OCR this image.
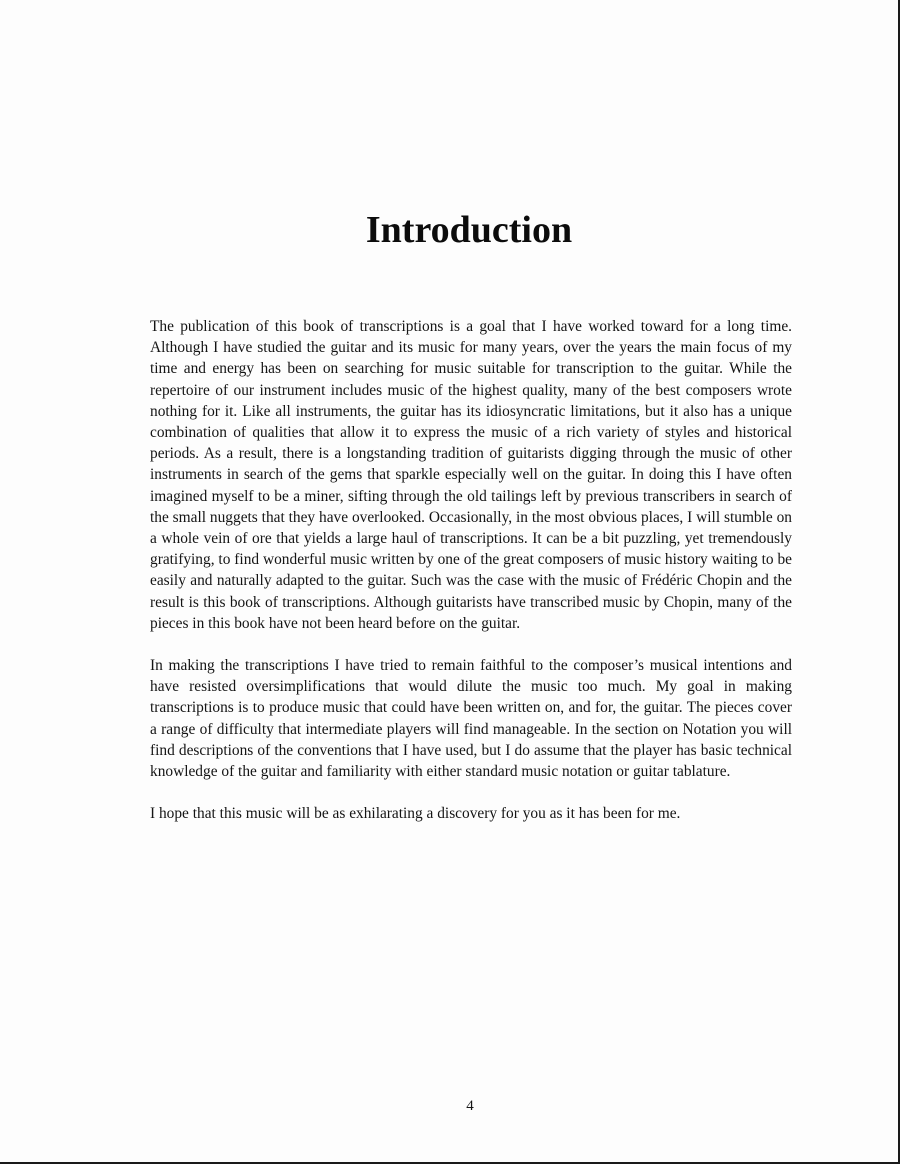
Introduction

The publication of this book of transcriptions is a goal that I have worked toward for a long time. Although I have studied the guitar and its music for many years, over the years the main focus of my time and energy has been on searching for music suitable for transcription to the guitar. While the repertoire of our instrument includes music of the highest quality, many of the best composers wrote nothing for it. Like all instruments, the guitar has its idiosyncratic limitations, but it also has a unique combination of qualities that allow it to express the music of a rich variety of styles and historical periods. As a result, there is a longstanding tradition of guitarists digging through the music of other instruments in search of the gems that sparkle especially well on the guitar. In doing this I have often imagined myself to be a miner, sifting through the old tailings left by previous transcribers in search of the small nuggets that they have overlooked. Occasionally, in the most obvious places, I will stumble on a whole vein of ore that yields a large haul of transcriptions. It can be a bit puzzling, yet tremendously gratifying, to find wonderful music written by one of the great composers of music history waiting to be easily and naturally adapted to the guitar. Such was the case with the music of Frédéric Chopin and the result is this book of transcriptions. Although guitarists have transcribed music by Chopin, many of the pieces in this book have not been heard before on the guitar.

In making the transcriptions I have tried to remain faithful to the composer’s musical intentions and have resisted oversimplifications that would dilute the music too much. My goal in making transcriptions is to produce music that could have been written on, and for, the guitar. The pieces cover a range of difficulty that intermediate players will find manageable. In the section on Notation you will find descriptions of the conventions that I have used, but I do assume that the player has basic technical knowledge of the guitar and familiarity with either standard music notation or guitar tablature.

I hope that this music will be as exhilarating a discovery for you as it has been for me.

4
